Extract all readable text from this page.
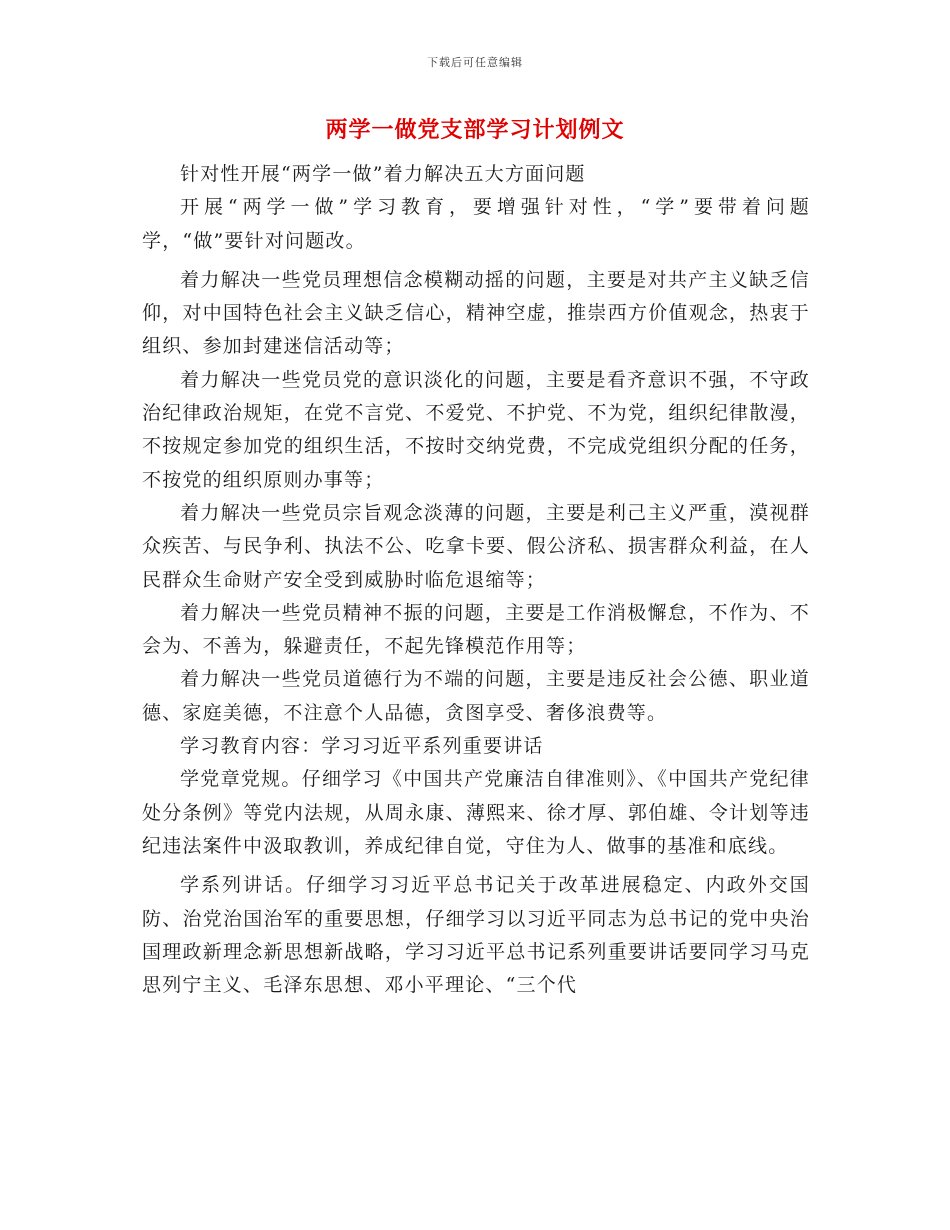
下载后可任意编辑
两学一做党支部学习计划例文

针对性开展“两学一做”着力解决五大方面问题

开展“两学一做”学习教育，要增强针对性，“学”要带着问题学，“做”要针对问题改。

着力解决一些党员理想信念模糊动摇的问题，主要是对共产主义缺乏信仰，对中国特色社会主义缺乏信心，精神空虚，推崇西方价值观念，热衷于组织、参加封建迷信活动等；

着力解决一些党员党的意识淡化的问题，主要是看齐意识不强，不守政治纪律政治规矩，在党不言党、不爱党、不护党、不为党，组织纪律散漫，不按规定参加党的组织生活，不按时交纳党费，不完成党组织分配的任务，不按党的组织原则办事等；

着力解决一些党员宗旨观念淡薄的问题，主要是利己主义严重，漠视群众疾苦、与民争利、执法不公、吃拿卡要、假公济私、损害群众利益，在人民群众生命财产安全受到威胁时临危退缩等；

着力解决一些党员精神不振的问题，主要是工作消极懈怠，不作为、不会为、不善为，躲避责任，不起先锋模范作用等；

着力解决一些党员道德行为不端的问题，主要是违反社会公德、职业道德、家庭美德，不注意个人品德，贪图享受、奢侈浪费等。

学习教育内容：学习习近平系列重要讲话

学党章党规。仔细学习《中国共产党廉洁自律准则》、《中国共产党纪律处分条例》等党内法规，从周永康、薄熙来、徐才厚、郭伯雄、令计划等违纪违法案件中汲取教训，养成纪律自觉，守住为人、做事的基准和底线。

学系列讲话。仔细学习习近平总书记关于改革进展稳定、内政外交国防、治党治国治军的重要思想，仔细学习以习近平同志为总书记的党中央治国理政新理念新思想新战略，学习习近平总书记系列重要讲话要同学习马克思列宁主义、毛泽东思想、邓小平理论、“三个代
